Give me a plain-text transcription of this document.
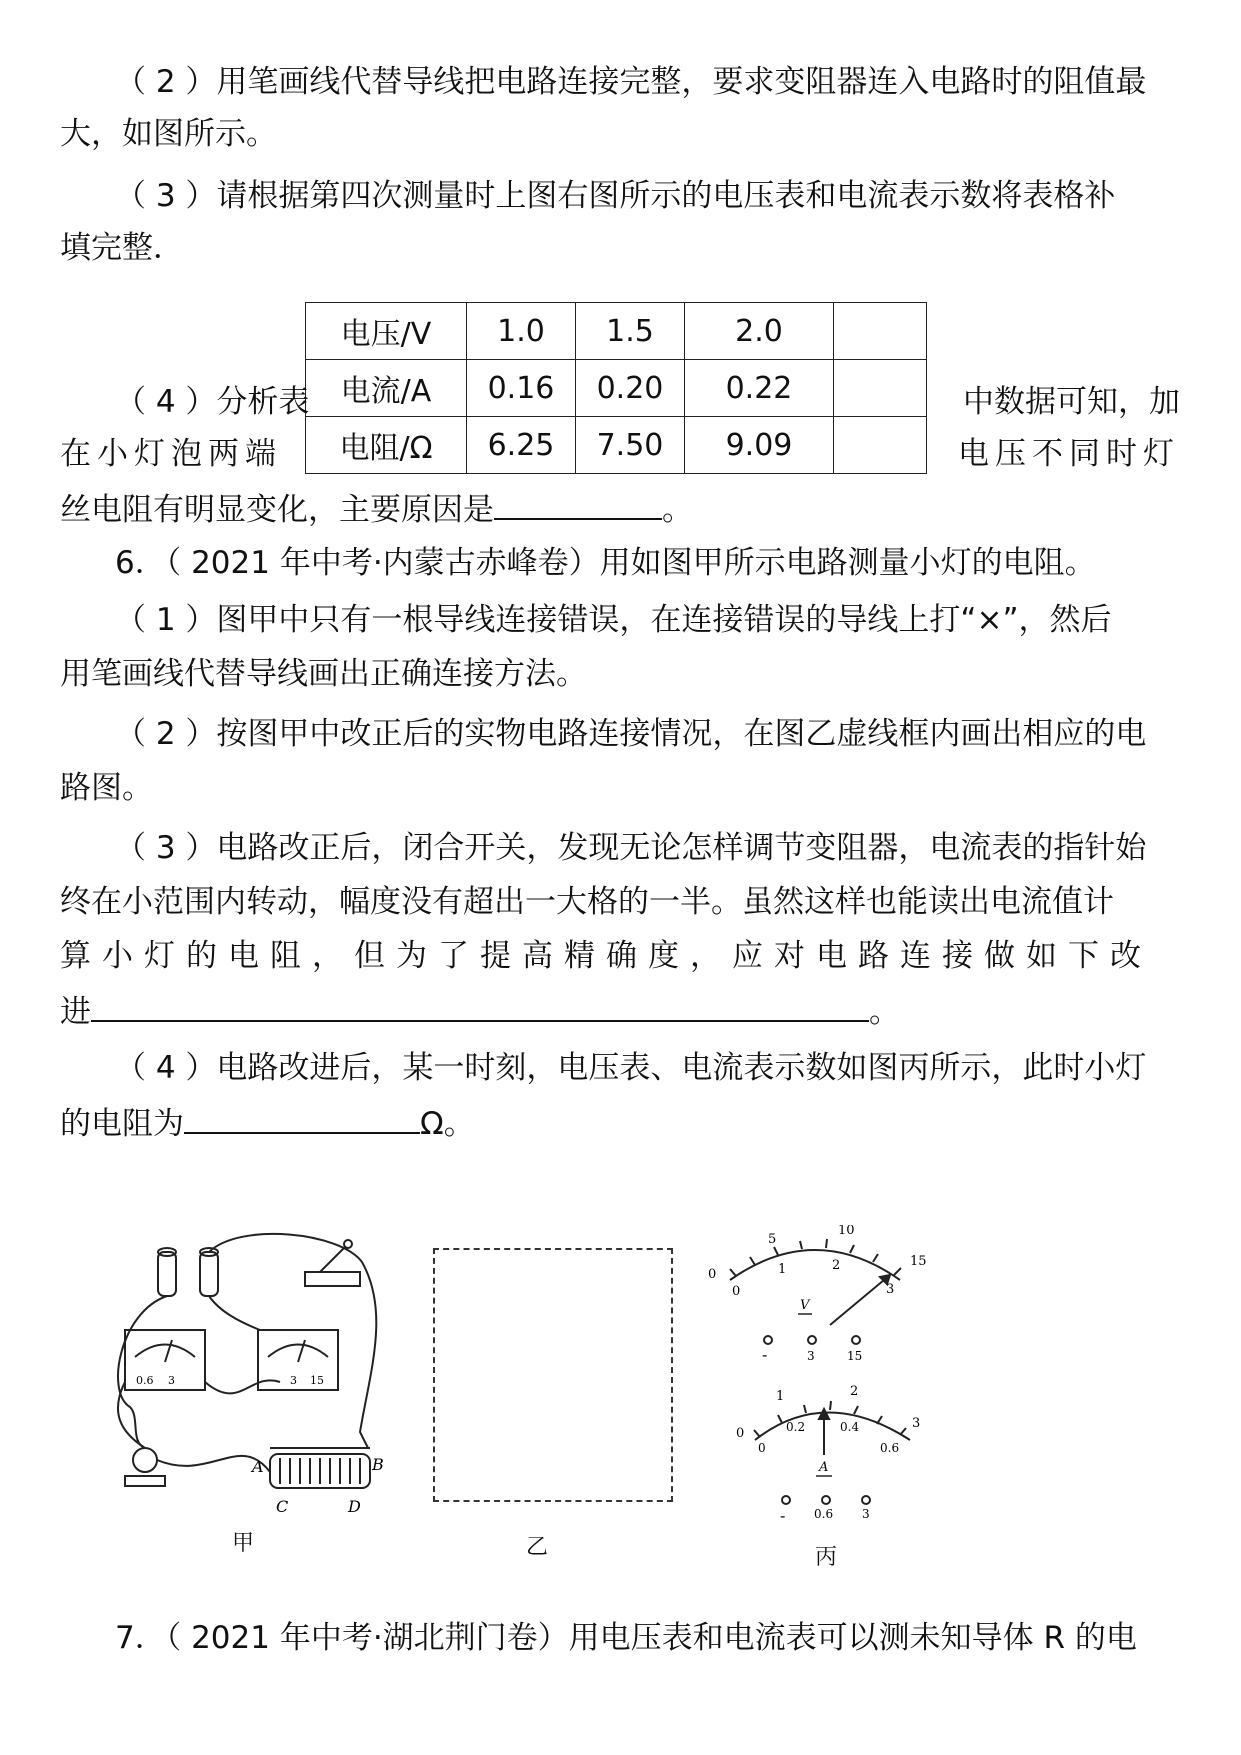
（ 2 ）用笔画线代替导线把电路连接完整，要求变阻器连入电路时的阻值最
大，如图所示。
（ 3 ）请根据第四次测量时上图右图所示的电压表和电流表示数将表格补
填完整．
电压/V	1.0	1.5	2.0	
电流/A	0.16	0.20	0.22	
电阻/Ω	6.25	7.50	9.09	
（ 4 ）分析表	中数据可知，加
在小灯泡两端	电压不同时灯
丝电阻有明显变化，主要原因是	。
6．（ 2021 年中考·内蒙古赤峰卷）用如图甲所示电路测量小灯的电阻。
（ 1 ）图甲中只有一根导线连接错误，在连接错误的导线上打“×”，然后
用笔画线代替导线画出正确连接方法。
（ 2 ）按图甲中改正后的实物电路连接情况，在图乙虚线框内画出相应的电
路图。
（ 3 ）电路改正后，闭合开关，发现无论怎样调节变阻器，电流表的指针始
终在小范围内转动，幅度没有超出一大格的一半。虽然这样也能读出电流值计
算小灯的电阻，但为了提高精确度，应对电路连接做如下改
进	。
（ 4 ）电路改进后，某一时刻，电压表、电流表示数如图丙所示，此时小灯
的电阻为	Ω。
A	B
C	D
0.6 3	3 15
甲	乙
0
5
10
15
0
1	2
3
V
-	3	15
1	2
3
0
0
0.2	0.4
0.6
A
- 0.6 3
丙
7．（ 2021 年中考·湖北荆门卷）用电压表和电流表可以测未知导体 R 的电
